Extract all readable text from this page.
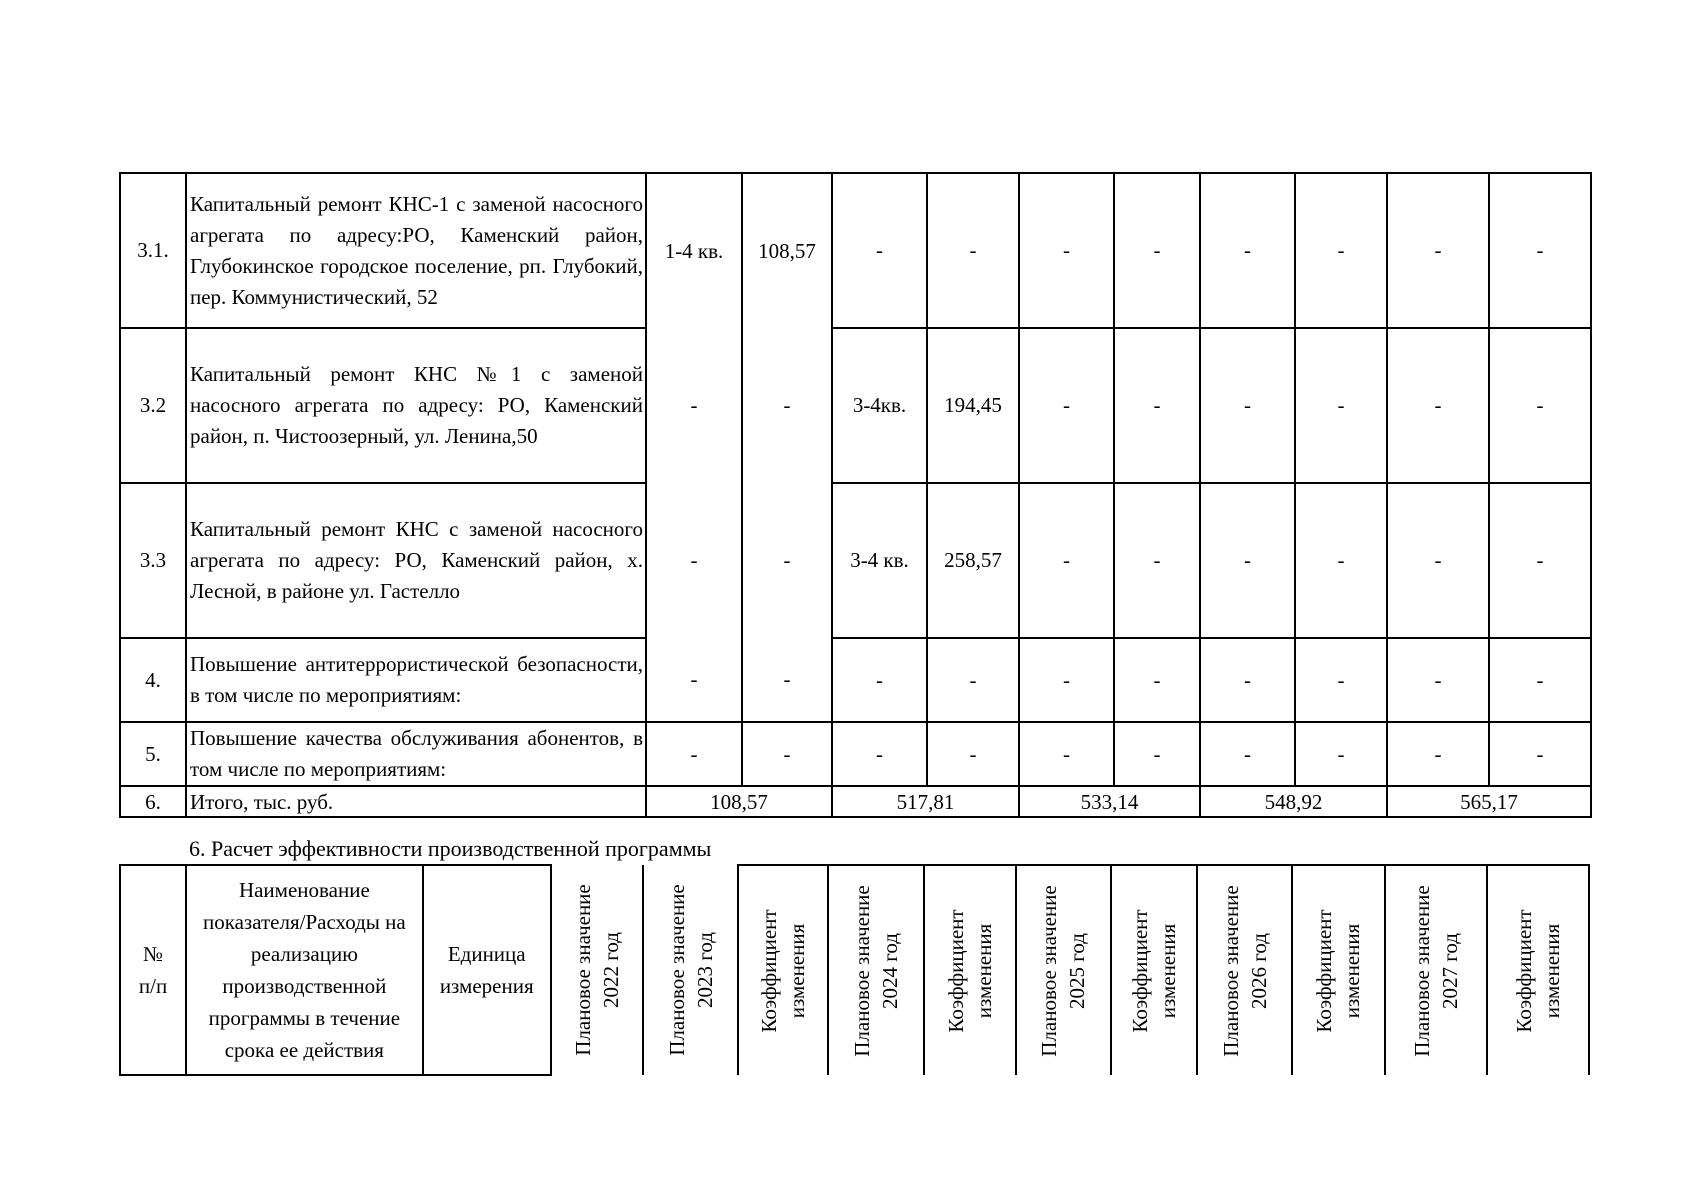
3.1.	Капитальный ремонт КНС-1 с заменой насосного агрегата по адресу:РО, Каменский район, Глубокинское городское поселение, рп. Глубокий, пер. Коммунистический, 52	1-4 кв.	108,57	-	-	-	-	-	-	-	-
3.2	Капитальный ремонт КНС №1 с заменой насосного агрегата по адресу: РО, Каменский район, п. Чистоозерный, ул. Ленина,50	-	-	3-4кв.	194,45	-	-	-	-	-	-
3.3	Капитальный ремонт КНС с заменой насосного агрегата по адресу: РО, Каменский район, х. Лесной, в районе ул. Гастелло	-	-	3-4 кв.	258,57	-	-	-	-	-	-
4.	Повышение антитеррористической безопасности, в том числе по мероприятиям:	-	-	-	-	-	-	-	-	-	-
5.	Повышение качества обслуживания абонентов, в том числе по мероприятиям:	-	-	-	-	-	-	-	-	-	-
6.	Итого, тыс. руб.	108,57		517,81		533,14		548,92		565,17	
6. Расчет эффективности производственной программы
№ п/п	Наименование показателя/Расходы на реализацию производственной программы в течение срока ее действия	Единица измерения	Плановое значение 2022 год	Плановое значение 2023 год	Коэффициент изменения	Плановое значение 2024 год	Коэффициент изменения	Плановое значение 2025 год	Коэффициент изменения	Плановое значение 2026 год	Коэффициент изменения	Плановое значение 2027 год	Коэффициент изменения
